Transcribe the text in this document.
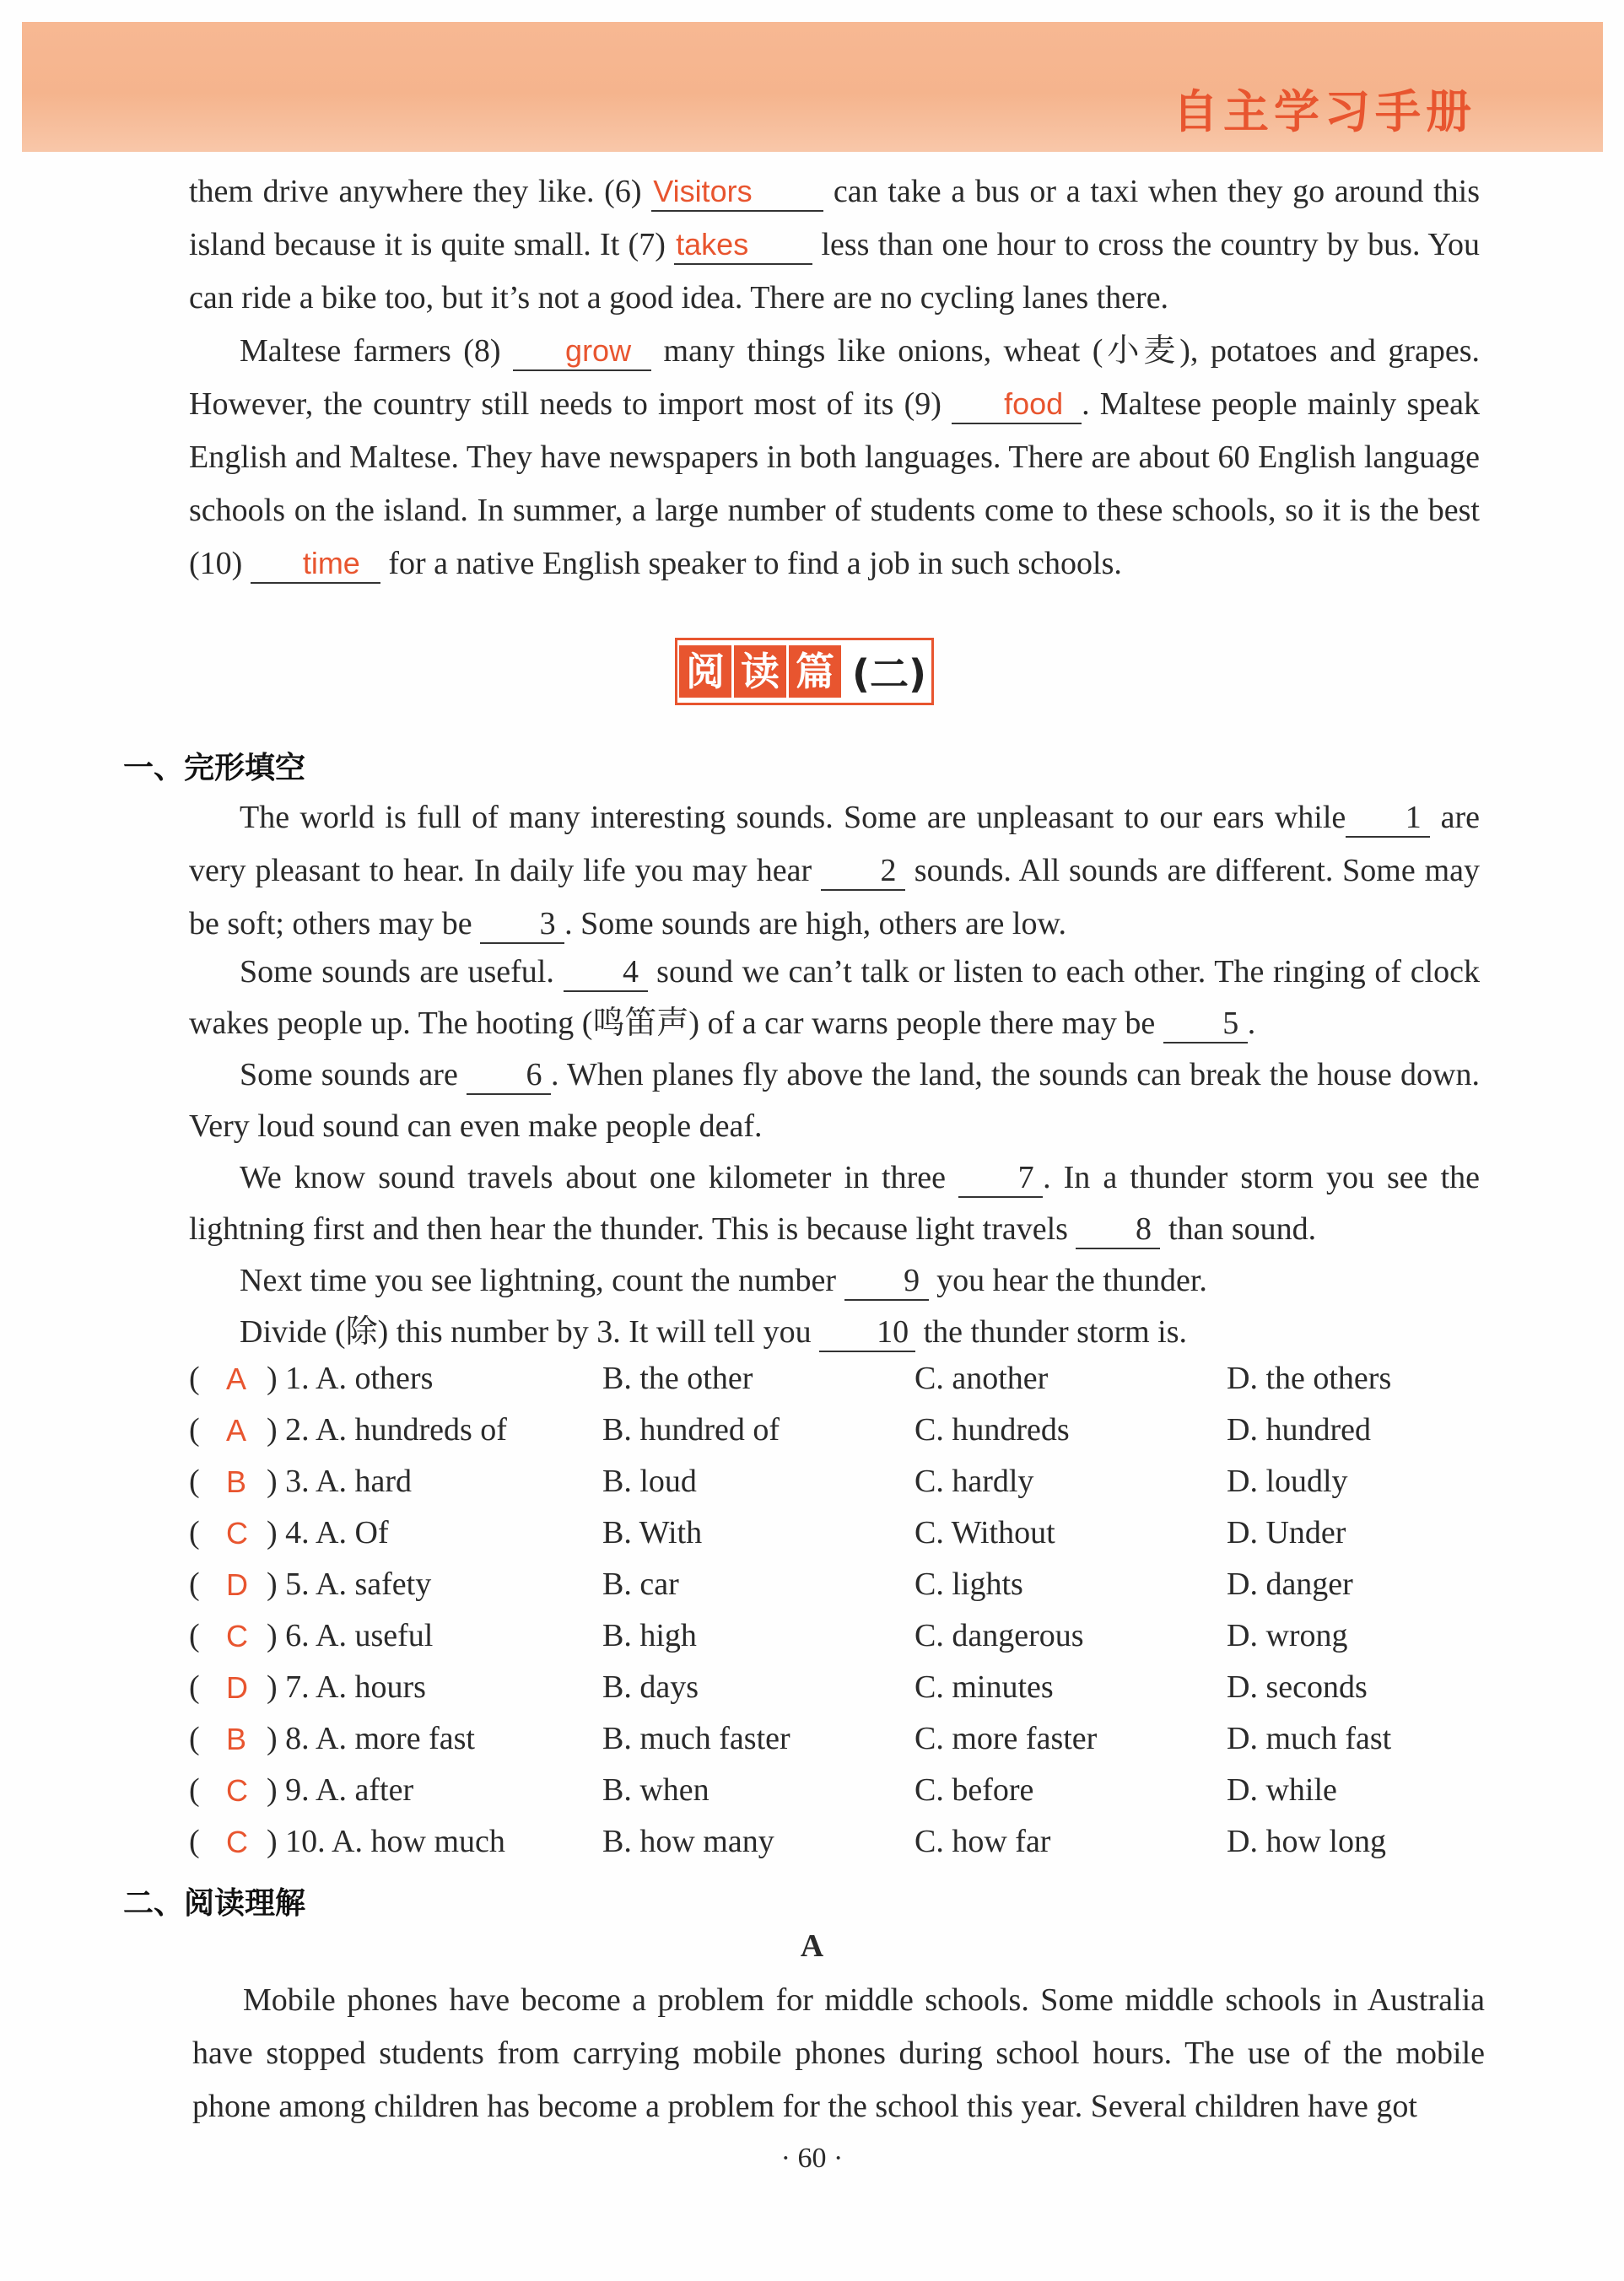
自主学习手册

them drive anywhere they like. (6) Visitors can take a bus or a taxi when they go around this island because it is quite small. It (7) takes less than one hour to cross the country by bus. You can ride a bike too, but it’s not a good idea. There are no cycling lanes there.

Maltese farmers (8) grow many things like onions, wheat (小麦), potatoes and grapes. However, the country still needs to import most of its (9) food . Maltese people mainly speak English and Maltese. They have newspapers in both languages. There are about 60 English language schools on the island. In summer, a large number of students come to these schools, so it is the best (10) time for a native English speaker to find a job in such schools.

阅 读 篇 (二)
一、完形填空

The world is full of many interesting sounds. Some are unpleasant to our ears while 1 are very pleasant to hear. In daily life you may hear 2 sounds. All sounds are different. Some may be soft; others may be 3 . Some sounds are high, others are low.

Some sounds are useful. 4 sound we can’t talk or listen to each other. The ringing of clock wakes people up. The hooting (鸣笛声) of a car warns people there may be 5 .

Some sounds are 6 . When planes fly above the land, the sounds can break the house down. Very loud sound can even make people deaf.

We know sound travels about one kilometer in three 7 . In a thunder storm you see the lightning first and then hear the thunder. This is because light travels 8 than sound.

Next time you see lightning, count the number 9 you hear the thunder.

Divide (除) this number by 3. It will tell you 10 the thunder storm is.

( A ) 1. A. others	B. the other	C. another	D. the others
( A ) 2. A. hundreds of	B. hundred of	C. hundreds	D. hundred
( B ) 3. A. hard	B. loud	C. hardly	D. loudly
( C ) 4. A. Of	B. With	C. Without	D. Under
( D ) 5. A. safety	B. car	C. lights	D. danger
( C ) 6. A. useful	B. high	C. dangerous	D. wrong
( D ) 7. A. hours	B. days	C. minutes	D. seconds
( B ) 8. A. more fast	B. much faster	C. more faster	D. much fast
( C ) 9. A. after	B. when	C. before	D. while
( C ) 10. A. how much	B. how many	C. how far	D. how long
二、阅读理解
A

Mobile phones have become a problem for middle schools. Some middle schools in Australia have stopped students from carrying mobile phones during school hours. The use of the mobile phone among children has become a problem for the school this year. Several children have got

· 60 ·
